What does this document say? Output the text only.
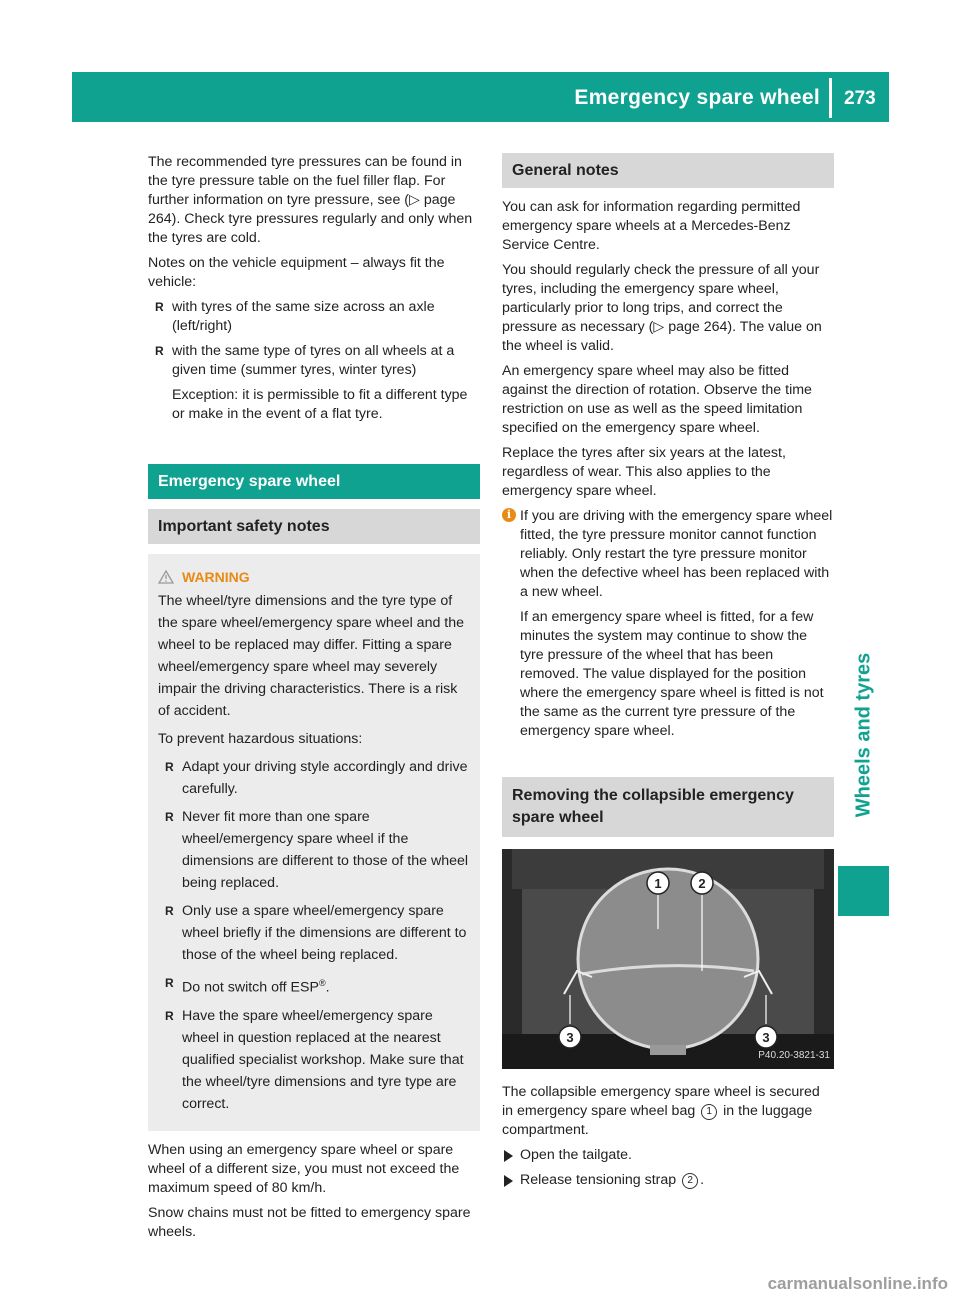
Emergency spare wheel 273
Wheels and tyres

The recommended tyre pressures can be found in the tyre pressure table on the fuel filler flap. For further information on tyre pressure, see (▷ page 264). Check tyre pressures regularly and only when the tyres are cold.

Notes on the vehicle equipment – always fit the vehicle:

R with tyres of the same size across an axle (left/right)
R with the same type of tyres on all wheels at a given time (summer tyres, winter tyres)
Exception: it is permissible to fit a different type or make in the event of a flat tyre.
Emergency spare wheel
Important safety notes
WARNING

The wheel/tyre dimensions and the tyre type of the spare wheel/emergency spare wheel and the wheel to be replaced may differ. Fitting a spare wheel/emergency spare wheel may severely impair the driving characteristics. There is a risk of accident.

To prevent hazardous situations:

R Adapt your driving style accordingly and drive carefully.
R Never fit more than one spare wheel/emergency spare wheel if the dimensions are different to those of the wheel being replaced.
R Only use a spare wheel/emergency spare wheel briefly if the dimensions are different to those of the wheel being replaced.
R Do not switch off ESP®.
R Have the spare wheel/emergency spare wheel in question replaced at the nearest qualified specialist workshop. Make sure that the wheel/tyre dimensions and tyre type are correct.

When using an emergency spare wheel or spare wheel of a different size, you must not exceed the maximum speed of 80 km/h.

Snow chains must not be fitted to emergency spare wheels.

General notes

You can ask for information regarding permitted emergency spare wheels at a Mercedes-Benz Service Centre.

You should regularly check the pressure of all your tyres, including the emergency spare wheel, particularly prior to long trips, and correct the pressure as necessary (▷ page 264). The value on the wheel is valid.

An emergency spare wheel may also be fitted against the direction of rotation. Observe the time restriction on use as well as the speed limitation specified on the emergency spare wheel.

Replace the tyres after six years at the latest, regardless of wear. This also applies to the emergency spare wheel.

i If you are driving with the emergency spare wheel fitted, the tyre pressure monitor cannot function reliably. Only restart the tyre pressure monitor when the defective wheel has been replaced with a new wheel.

If an emergency spare wheel is fitted, for a few minutes the system may continue to show the tyre pressure of the wheel that has been removed. The value displayed for the position where the emergency spare wheel is fitted is not the same as the current tyre pressure of the emergency spare wheel.

Removing the collapsible emergency spare wheel
1	2
3	3
P40.20-3821-31

The collapsible emergency spare wheel is secured in emergency spare wheel bag 1 in the luggage compartment.

Open the tailgate.
Release tensioning strap 2 .
carmanualsonline.info
